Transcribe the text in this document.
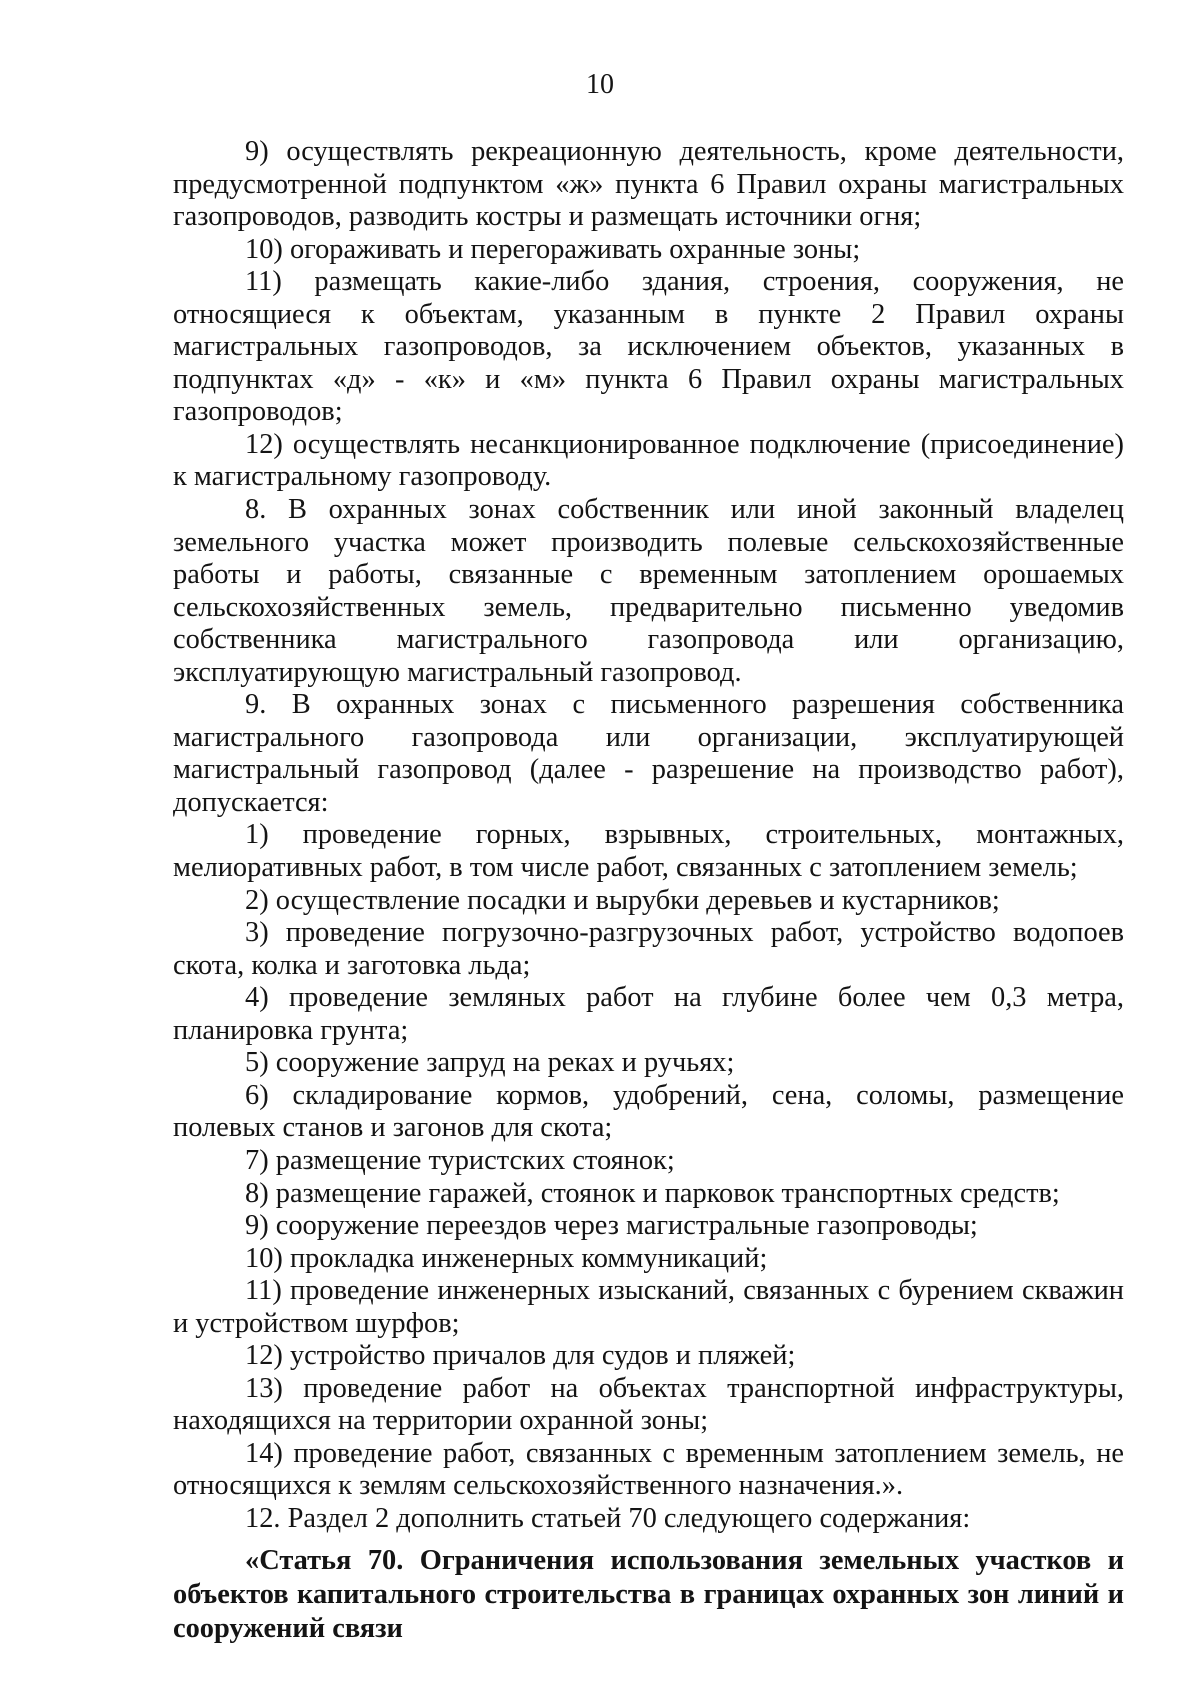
10

9) осуществлять рекреационную деятельность, кроме деятельности, предусмотренной подпунктом «ж» пункта 6 Правил охраны магистральных газопроводов, разводить костры и размещать источники огня;

10) огораживать и перегораживать охранные зоны;

11) размещать какие-либо здания, строения, сооружения, не относящиеся к объектам, указанным в пункте 2 Правил охраны магистральных газопроводов, за исключением объектов, указанных в подпунктах «д» - «к» и «м» пункта 6 Правил охраны магистральных газопроводов;

12) осуществлять несанкционированное подключение (присоединение) к магистральному газопроводу.

8. В охранных зонах собственник или иной законный владелец земельного участка может производить полевые сельскохозяйственные работы и работы, связанные с временным затоплением орошаемых сельскохозяйственных земель, предварительно письменно уведомив собственника магистрального газопровода или организацию, эксплуатирующую магистральный газопровод.

9. В охранных зонах с письменного разрешения собственника магистрального газопровода или организации, эксплуатирующей магистральный газопровод (далее - разрешение на производство работ), допускается:

1) проведение горных, взрывных, строительных, монтажных, мелиоративных работ, в том числе работ, связанных с затоплением земель;

2) осуществление посадки и вырубки деревьев и кустарников;

3) проведение погрузочно-разгрузочных работ, устройство водопоев скота, колка и заготовка льда;

4) проведение земляных работ на глубине более чем 0,3 метра, планировка грунта;

5) сооружение запруд на реках и ручьях;

6) складирование кормов, удобрений, сена, соломы, размещение полевых станов и загонов для скота;

7) размещение туристских стоянок;

8) размещение гаражей, стоянок и парковок транспортных средств;

9) сооружение переездов через магистральные газопроводы;

10) прокладка инженерных коммуникаций;

11) проведение инженерных изысканий, связанных с бурением скважин и устройством шурфов;

12) устройство причалов для судов и пляжей;

13) проведение работ на объектах транспортной инфраструктуры, находящихся на территории охранной зоны;

14) проведение работ, связанных с временным затоплением земель, не относящихся к землям сельскохозяйственного назначения.».

12. Раздел 2 дополнить статьей 70 следующего содержания:

«Статья 70. Ограничения использования земельных участков и объектов капитального строительства в границах охранных зон линий и сооружений связи
